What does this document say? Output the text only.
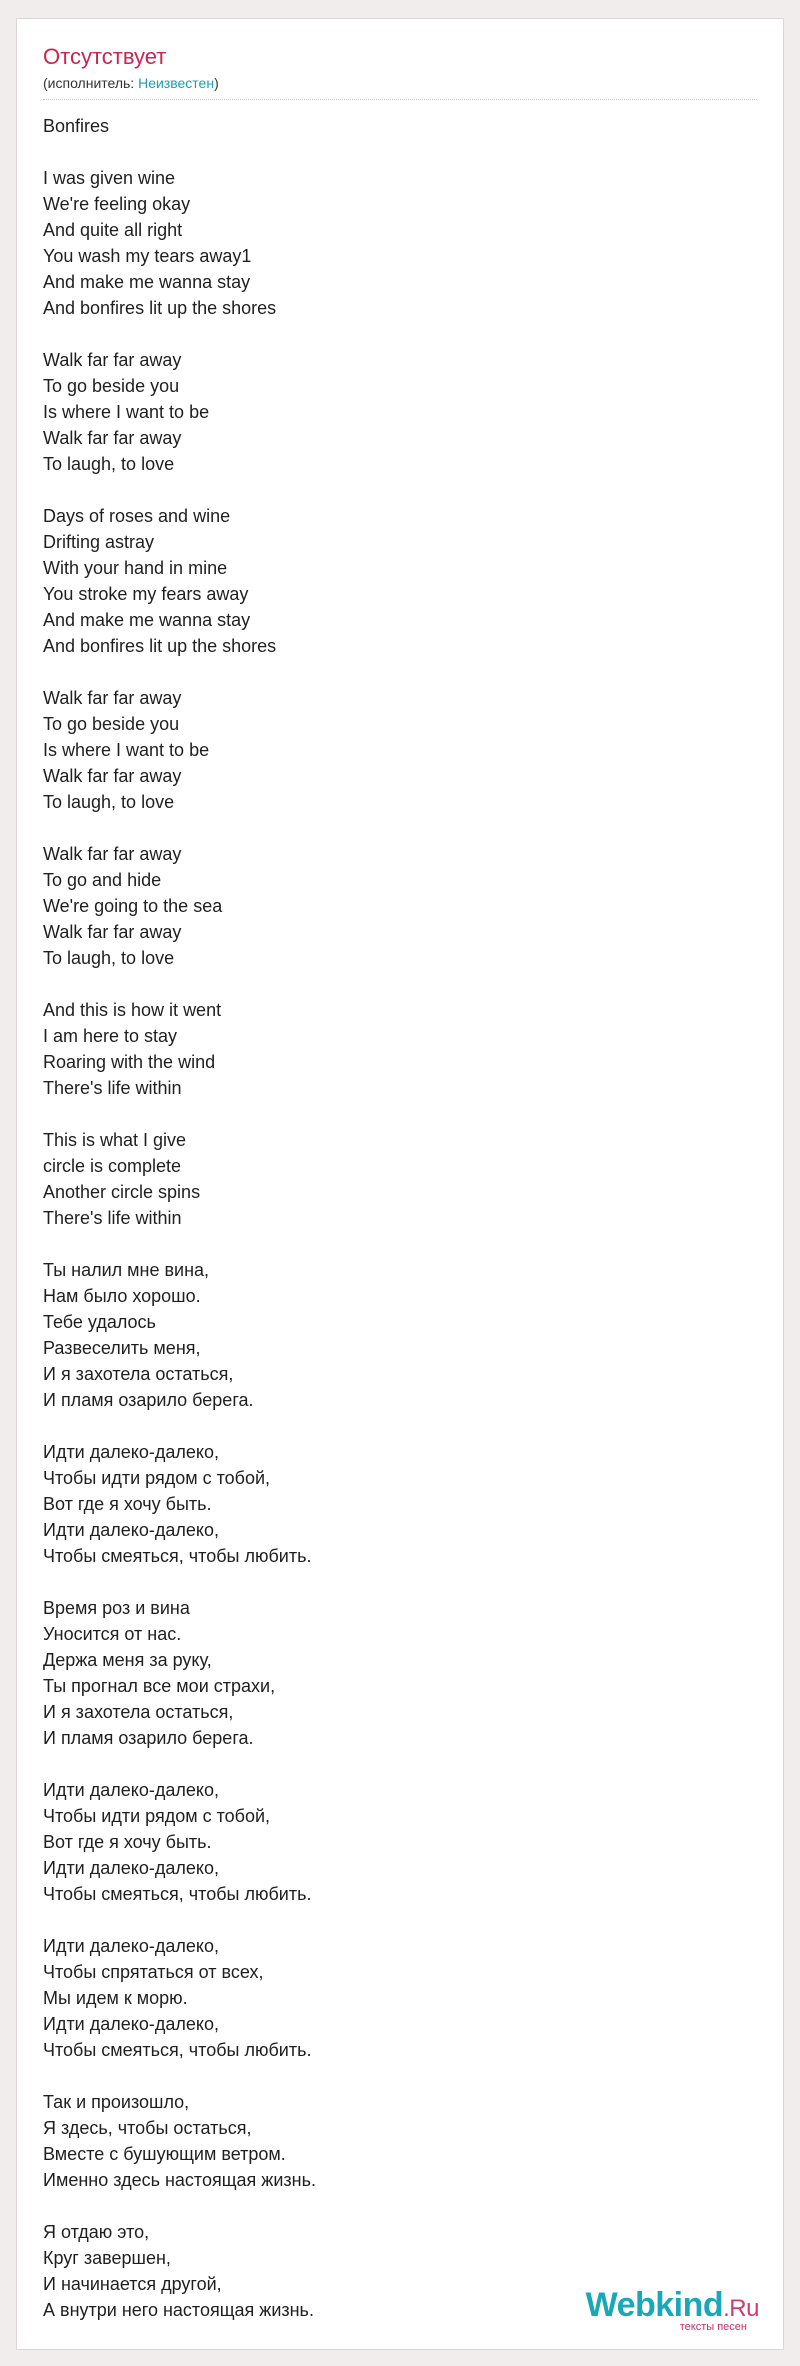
Отсутствует
(исполнитель: Неизвестен)
Bonfires
I was given wine
We're feeling okay
And quite all right
You wash my tears away1
And make me wanna stay
And bonfires lit up the shores
Walk far far away
To go beside you
Is where I want to be
Walk far far away
To laugh, to love
Days of roses and wine
Drifting astray
With your hand in mine
You stroke my fears away
And make me wanna stay
And bonfires lit up the shores
Walk far far away
To go beside you
Is where I want to be
Walk far far away
To laugh, to love
Walk far far away
To go and hide
We're going to the sea
Walk far far away
To laugh, to love
And this is how it went
I am here to stay
Roaring with the wind
There's life within
This is what I give
circle is complete
Another circle spins
There's life within
Ты налил мне вина,
Нам было хорошо.
Тебе удалось
Развеселить меня,
И я захотела остаться,
И пламя озарило берега.
Идти далеко-далеко,
Чтобы идти рядом с тобой,
Вот где я хочу быть.
Идти далеко-далеко,
Чтобы смеяться, чтобы любить.
Время роз и вина
Уносится от нас.
Держа меня за руку,
Ты прогнал все мои страхи,
И я захотела остаться,
И пламя озарило берега.
Идти далеко-далеко,
Чтобы идти рядом с тобой,
Вот где я хочу быть.
Идти далеко-далеко,
Чтобы смеяться, чтобы любить.
Идти далеко-далеко,
Чтобы спрятаться от всех,
Мы идем к морю.
Идти далеко-далеко,
Чтобы смеяться, чтобы любить.
Так и произошло,
Я здесь, чтобы остаться,
Вместе с бушующим ветром.
Именно здесь настоящая жизнь.
Я отдаю это,
Круг завершен,
И начинается другой,
А внутри него настоящая жизнь.	Webkind.Ru
тексты песен
